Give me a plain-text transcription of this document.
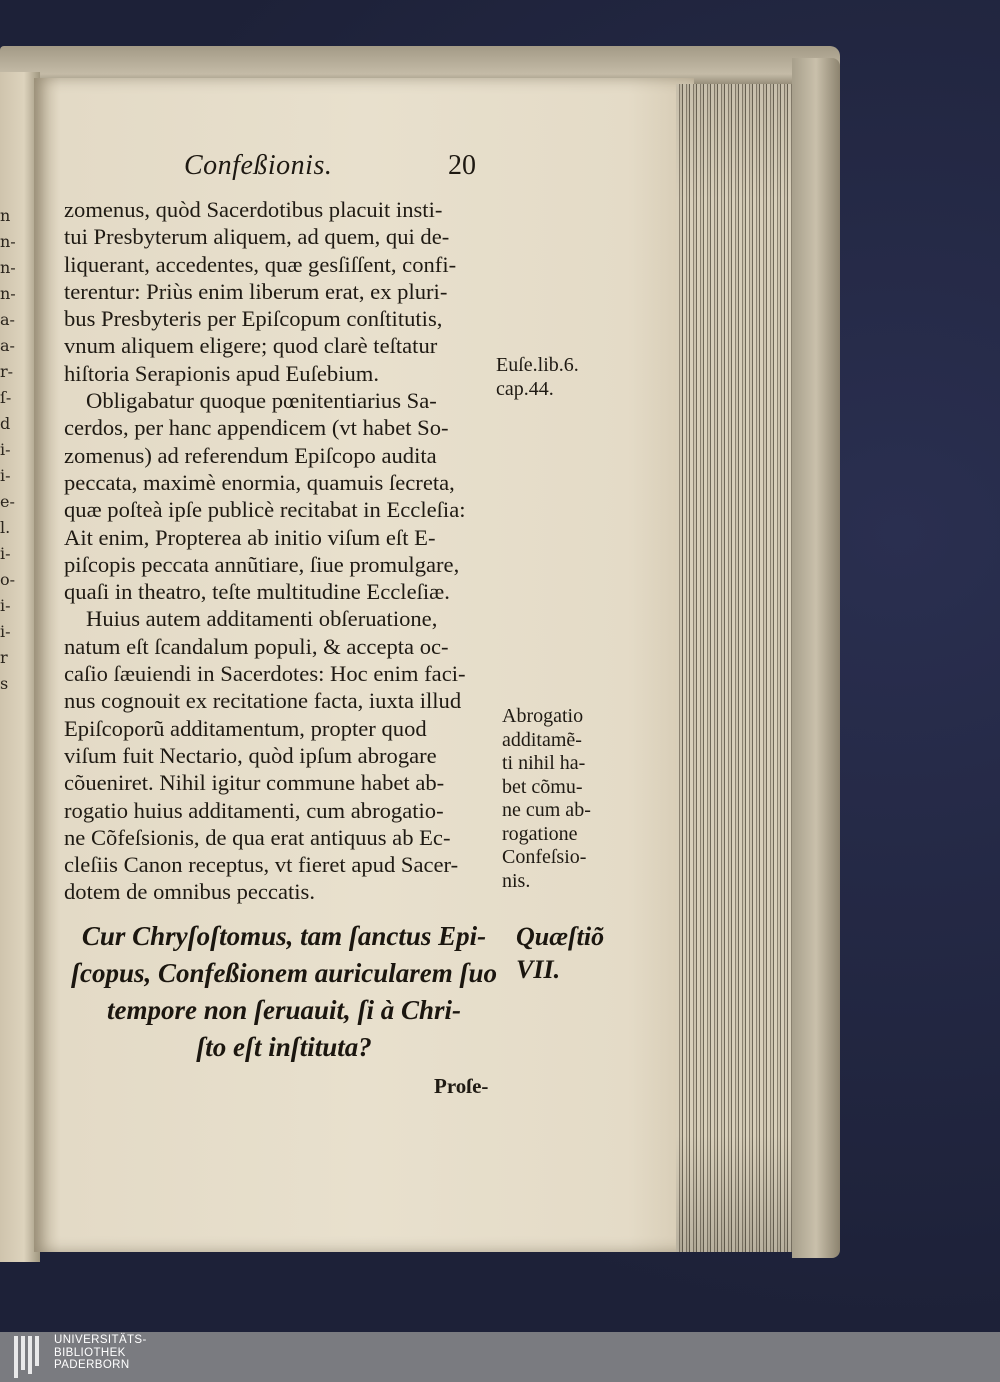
n
n-
n-
n-
a-
a-
r-
ſ-
d
i-
i-
e-
l.
i-
o-
i-
i-
r
s
Confeßionis.	20
zomenus, quòd Sacerdotibus placuit insti-
tui Presbyterum aliquem, ad quem, qui de-
liquerant, accedentes, quæ gesſiſſent, confi-
terentur: Priùs enim liberum erat, ex pluri-
bus Presbyteris per Epiſcopum conſtitutis,
vnum aliquem eligere; quod clarè teſtatur
hiſtoria Serapionis apud Euſebium.
Obligabatur quoque pœnitentiarius Sa-
cerdos, per hanc appendicem (vt habet So-
zomenus) ad referendum Epiſcopo audita
peccata, maximè enormia, quamuis ſecreta,
quæ poſteà ipſe publicè recitabat in Eccleſia:
Ait enim, Propterea ab initio viſum eſt E-
piſcopis peccata annũtiare, ſiue promulgare,
quaſi in theatro, teſte multitudine Eccleſiæ.
Huius autem additamenti obſeruatione,
natum eſt ſcandalum populi, & accepta oc-
caſio ſæuiendi in Sacerdotes: Hoc enim faci-
nus cognouit ex recitatione facta, iuxta illud
Epiſcoporũ additamentum, propter quod
viſum fuit Nectario, quòd ipſum abrogare
cõueniret. Nihil igitur commune habet ab-
rogatio huius additamenti, cum abrogatio-
ne Cõfeſsionis, de qua erat antiquus ab Ec-
cleſiis Canon receptus, vt fieret apud Sacer-
dotem de omnibus peccatis.
Euſe.lib.6.
cap.44.
Abrogatio
additamẽ-
ti nihil ha-
bet cõmu-
ne cum ab-
rogatione
Confeſsio-
nis.
Cur Chryſoſtomus, tam ſanctus Epi-
ſcopus, Confeßionem auricularem ſuo
tempore non ſeruauit, ſi à Chri-
ſto eſt inſtituta?
Quæſtiõ
VII.
Proſe-
UNIVERSITÄTS-
BIBLIOTHEK
PADERBORN
